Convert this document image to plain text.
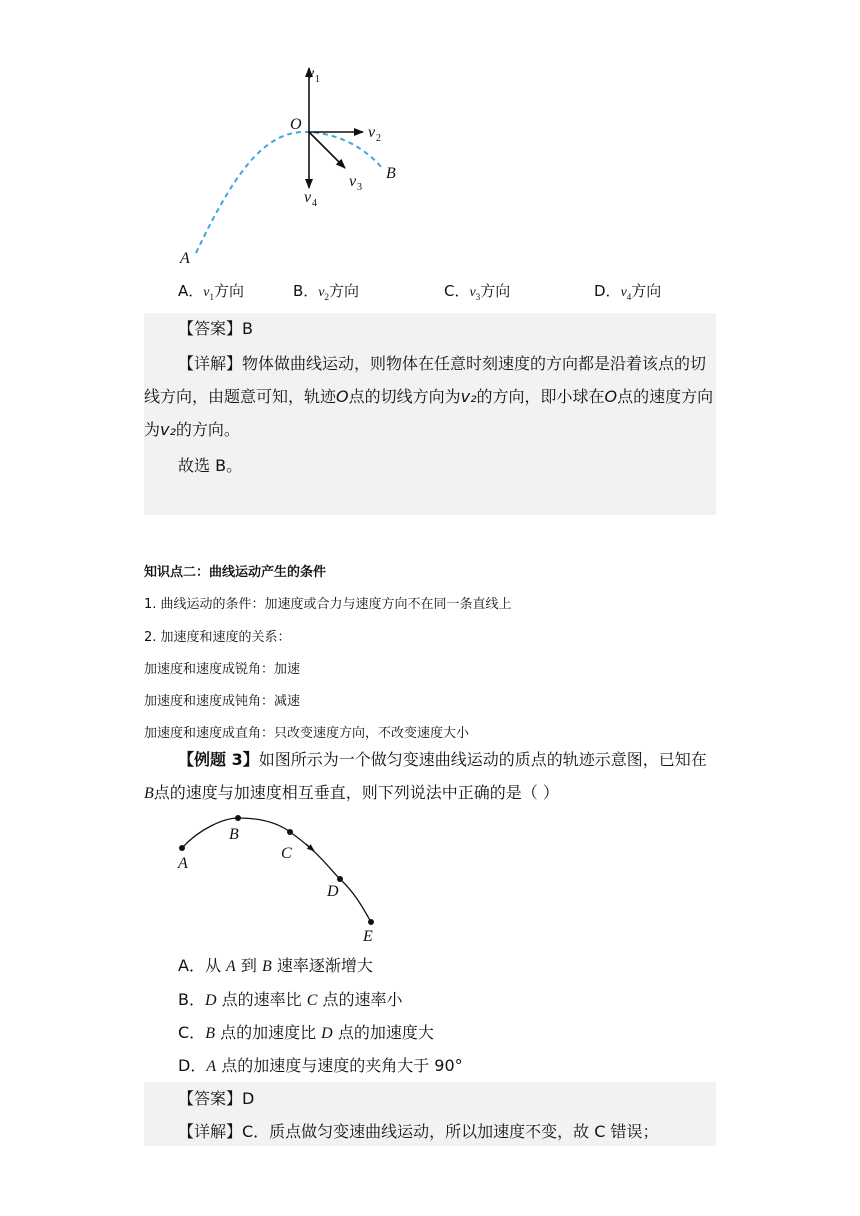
O
v 1
v 2
v 3
v 4
B
A
A．$v_1$方向	B．$v_2$方向	C．$v_3$方向	D．$v_4$方向
【答案】B
【详解】物体做曲线运动，则物体在任意时刻速度的方向都是沿着该点的切线方向，由题意可知，轨迹O点的切线方向为v₂的方向，即小球在O点的速度方向为v₂的方向。
故选 B。
知识点二：曲线运动产生的条件
1. 曲线运动的条件：加速度或合力与速度方向不在同一条直线上
2. 加速度和速度的关系：
加速度和速度成锐角：加速
加速度和速度成钝角：减速
加速度和速度成直角：只改变速度方向，不改变速度大小
【例题 3】如图所示为一个做匀变速曲线运动的质点的轨迹示意图，已知在B点的速度与加速度相互垂直，则下列说法中正确的是（ ）
A
B
C
D
E
A．从 A 到 B 速率逐渐增大
B．D 点的速率比 C 点的速率小
C．B 点的加速度比 D 点的加速度大
D．A 点的加速度与速度的夹角大于 90°
【答案】D
【详解】C．质点做匀变速曲线运动，所以加速度不变，故 C 错误；
